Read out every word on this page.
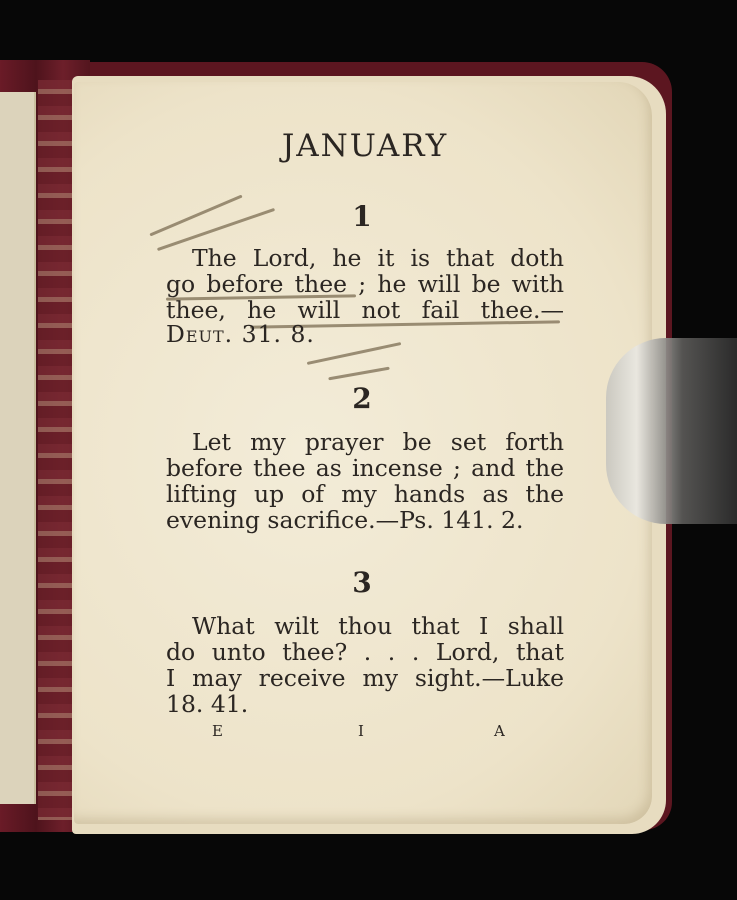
JANUARY
1
The Lord, he it is that doth
go before thee ; he will be with
thee, he will not fail thee.—
Deut. 31. 8.
2
Let my prayer be set forth
before thee as incense ; and the
lifting up of my hands as the
evening sacrifice.—Ps. 141. 2.
3
What wilt thou that I shall
do unto thee? . . . Lord, that
I may receive my sight.—Luke
18. 41.
E	I	A
